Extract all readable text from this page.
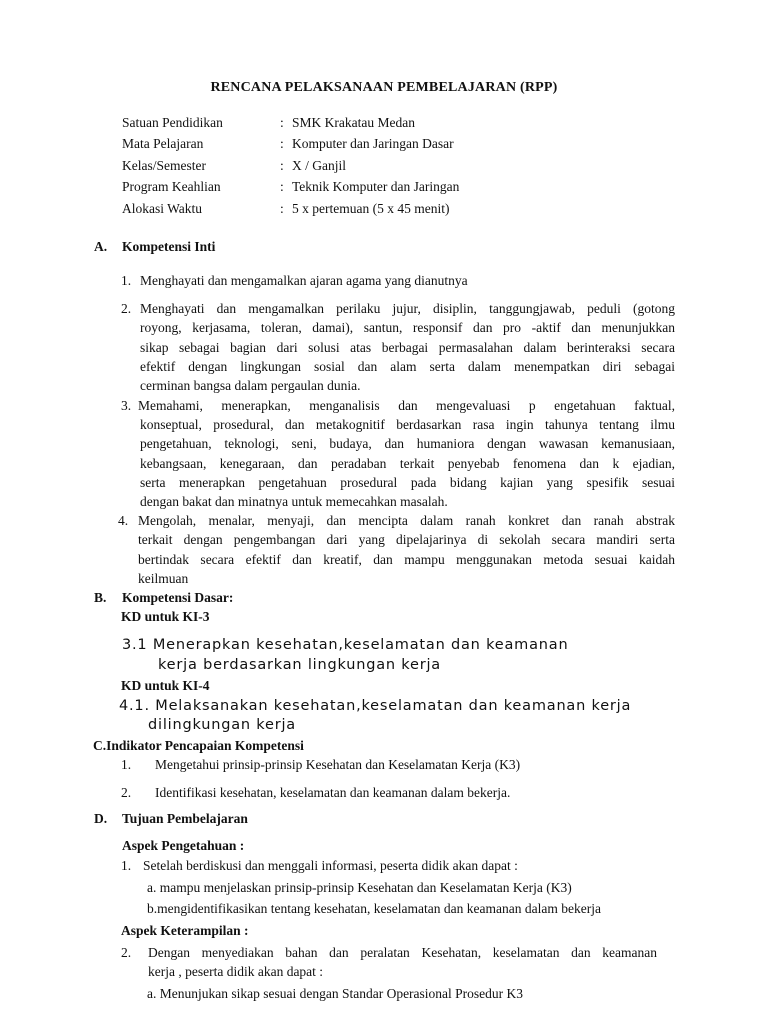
RENCANA PELAKSANAAN PEMBELAJARAN (RPP)
Satuan Pendidikan	: SMK Krakatau Medan
Mata Pelajaran	: Komputer dan Jaringan Dasar
Kelas/Semester	: X / Ganjil
Program Keahlian	: Teknik Komputer dan Jaringan
Alokasi Waktu	: 5 x pertemuan (5 x 45 menit)
A. Kompetensi Inti
1. Menghayati dan mengamalkan ajaran agama yang dianutnya
2. Menghayati dan mengamalkan perilaku jujur, disiplin, tanggungjawab, peduli (gotong
royong, kerjasama, toleran, damai), santun, responsif dan pro -aktif dan menunjukkan
sikap sebagai bagian dari solusi atas berbagai permasalahan dalam berinteraksi secara
efektif dengan lingkungan sosial dan alam serta dalam menempatkan diri sebagai
cerminan bangsa dalam pergaulan dunia.
3. Memahami, menerapkan, menganalisis dan mengevaluasi p engetahuan faktual,
konseptual, prosedural, dan metakognitif berdasarkan rasa ingin tahunya tentang ilmu
pengetahuan, teknologi, seni, budaya, dan humaniora dengan wawasan kemanusiaan,
kebangsaan, kenegaraan, dan peradaban terkait penyebab fenomena dan k ejadian,
serta menerapkan pengetahuan prosedural pada bidang kajian yang spesifik sesuai
dengan bakat dan minatnya untuk memecahkan masalah.
4. Mengolah, menalar, menyaji, dan mencipta dalam ranah konkret dan ranah abstrak
terkait dengan pengembangan dari yang dipelajarinya di sekolah secara mandiri serta
bertindak secara efektif dan kreatif, dan mampu menggunakan metoda sesuai kaidah
keilmuan
B. Kompetensi Dasar:
KD untuk KI-3
3.1 Menerapkan kesehatan,keselamatan dan keamanan
kerja berdasarkan lingkungan kerja
KD untuk KI-4
4.1. Melaksanakan kesehatan,keselamatan dan keamanan kerja
dilingkungan kerja
C.Indikator Pencapaian Kompetensi
1. Mengetahui prinsip-prinsip Kesehatan dan Keselamatan Kerja (K3)
2. Identifikasi kesehatan, keselamatan dan keamanan dalam bekerja.
D. Tujuan Pembelajaran
Aspek Pengetahuan :
1. Setelah berdiskusi dan menggali informasi, peserta didik akan dapat :
a. mampu menjelaskan prinsip-prinsip Kesehatan dan Keselamatan Kerja (K3)
b.mengidentifikasikan tentang kesehatan, keselamatan dan keamanan dalam bekerja
Aspek Keterampilan :
2. Dengan menyediakan bahan dan peralatan Kesehatan, keselamatan dan keamanan
kerja , peserta didik akan dapat :
a. Menunjukan sikap sesuai dengan Standar Operasional Prosedur K3
